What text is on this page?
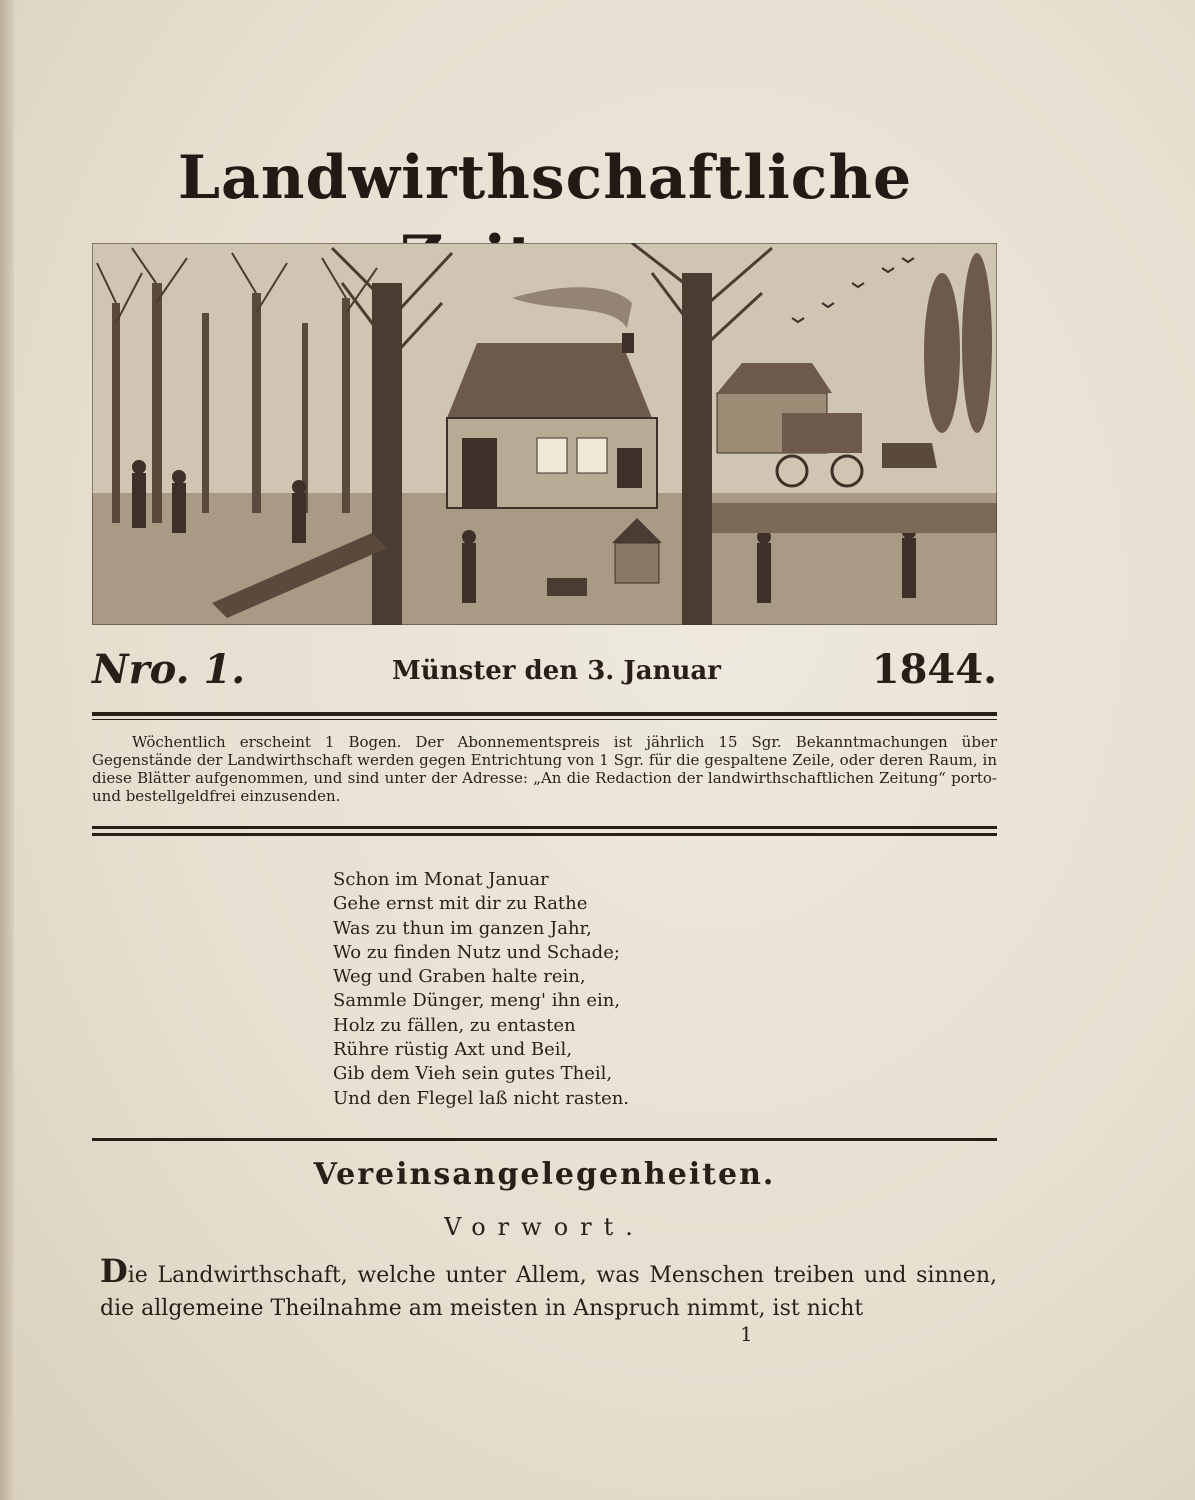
Landwirthschaftliche
Nro. 1.	Münster den 3. Januar	1844.
Wöchentlich erscheint 1 Bogen. Der Abonnementspreis ist jährlich 15 Sgr. Bekanntmachungen über Gegenstände der Landwirthschaft werden gegen Entrichtung von 1 Sgr. für die gespaltene Zeile, oder deren Raum, in diese Blätter aufgenommen, und sind unter der Adresse: „An die Redaction der landwirthschaftlichen Zeitung“ porto- und bestellgeldfrei einzusenden.
Schon im Monat Januar
Gehe ernst mit dir zu Rathe
Was zu thun im ganzen Jahr,
Wo zu finden Nutz und Schade;
Weg und Graben halte rein,
Sammle Dünger, meng' ihn ein,
Holz zu fällen, zu entasten
Rühre rüstig Axt und Beil,
Gib dem Vieh sein gutes Theil,
Und den Flegel laß nicht rasten.
Vereinsangelegenheiten.
Vorwort.
Die Landwirthschaft, welche unter Allem, was Menschen treiben und sinnen, die allgemeine Theilnahme am meisten in Anspruch nimmt, ist nicht
1
